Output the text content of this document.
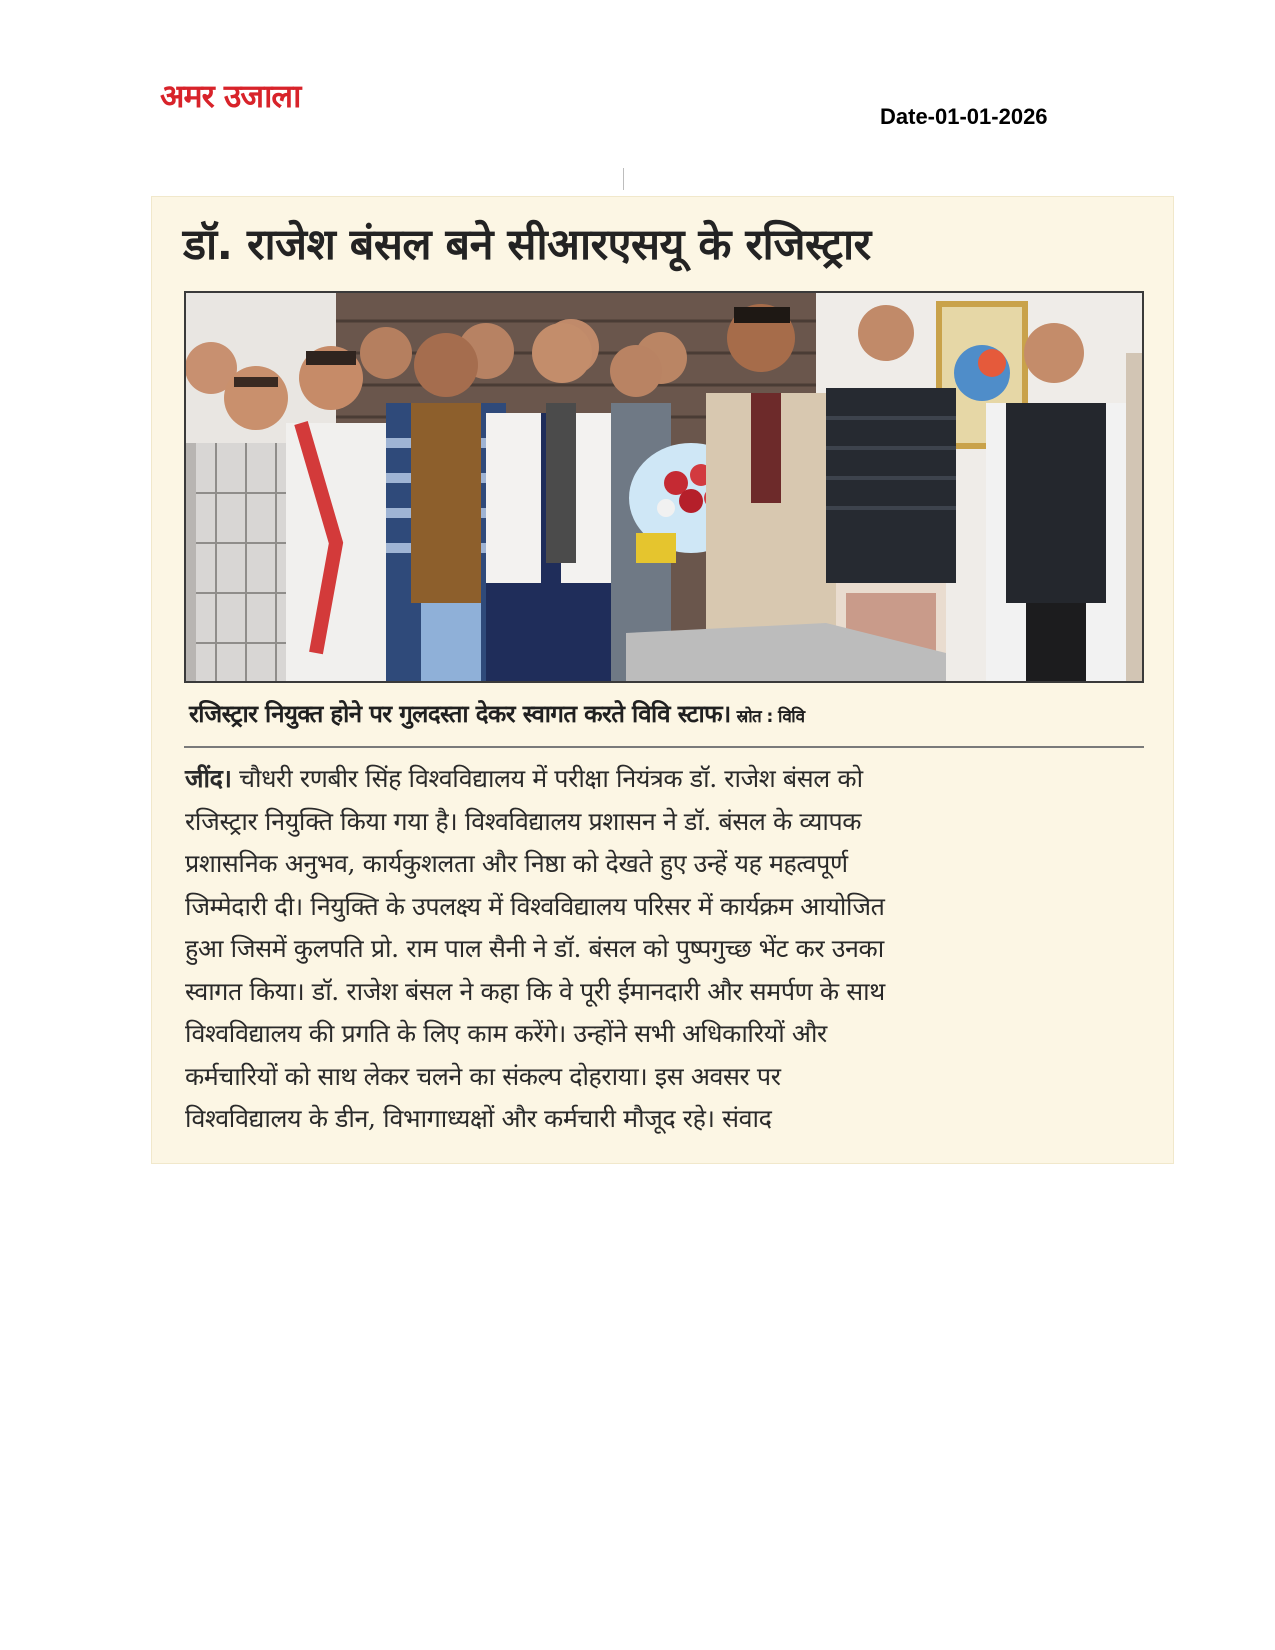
अमर उजाला
Date-01-01-2026
डॉ. राजेश बंसल बने सीआरएसयू के रजिस्ट्रार
रजिस्ट्रार नियुक्त होने पर गुलदस्ता देकर स्वागत करते विवि स्टाफ। स्रोत : विवि
जींद। चौधरी रणबीर सिंह विश्वविद्यालय में परीक्षा नियंत्रक डॉ. राजेश बंसल को
रजिस्ट्रार नियुक्ति किया गया है। विश्वविद्यालय प्रशासन ने डॉ. बंसल के व्यापक
प्रशासनिक अनुभव, कार्यकुशलता और निष्ठा को देखते हुए उन्हें यह महत्वपूर्ण
जिम्मेदारी दी। नियुक्ति के उपलक्ष्य में विश्वविद्यालय परिसर में कार्यक्रम आयोजित
हुआ जिसमें कुलपति प्रो. राम पाल सैनी ने डॉ. बंसल को पुष्पगुच्छ भेंट कर उनका
स्वागत किया। डॉ. राजेश बंसल ने कहा कि वे पूरी ईमानदारी और समर्पण के साथ
विश्वविद्यालय की प्रगति के लिए काम करेंगे। उन्होंने सभी अधिकारियों और
कर्मचारियों को साथ लेकर चलने का संकल्प दोहराया। इस अवसर पर
विश्वविद्यालय के डीन, विभागाध्यक्षों और कर्मचारी मौजूद रहे। संवाद
